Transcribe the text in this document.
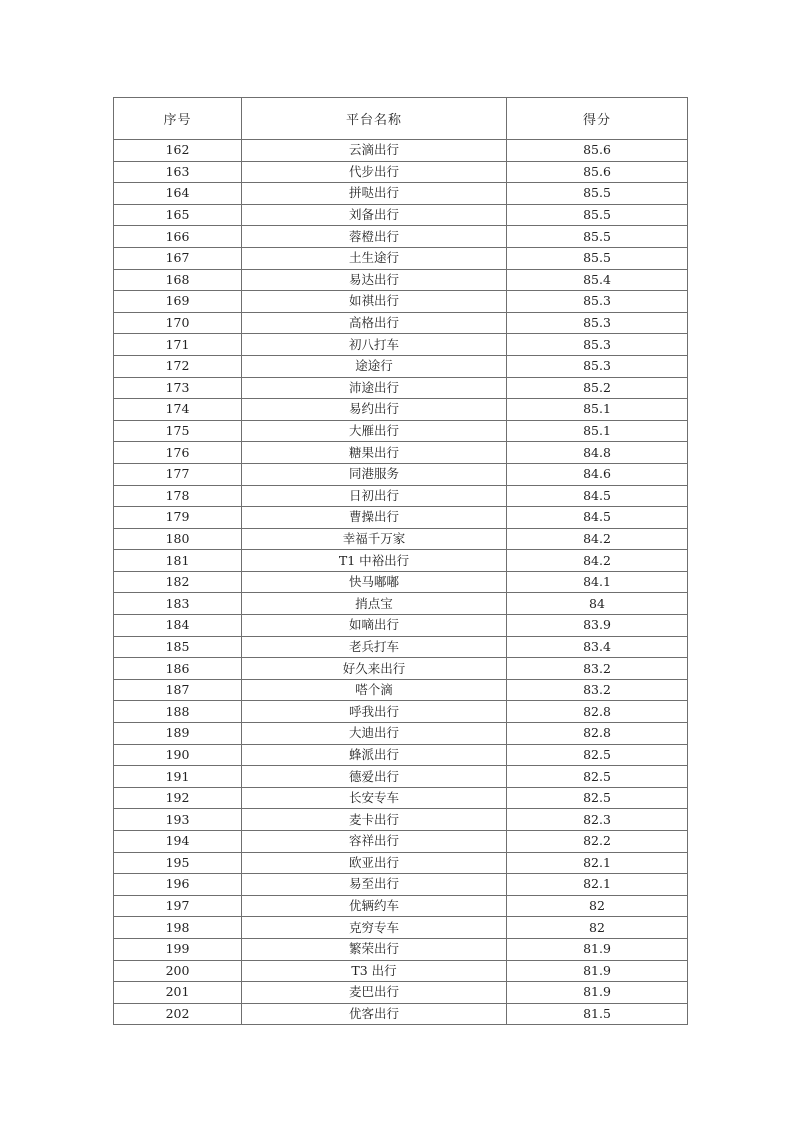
序号	平台名称	得分
162	云滴出行	85.6
163	代步出行	85.6
164	拼哒出行	85.5
165	刘备出行	85.5
166	蓉橙出行	85.5
167	土生途行	85.5
168	易达出行	85.4
169	如祺出行	85.3
170	高格出行	85.3
171	初八打车	85.3
172	途途行	85.3
173	沛途出行	85.2
174	易约出行	85.1
175	大雁出行	85.1
176	糖果出行	84.8
177	同港服务	84.6
178	日初出行	84.5
179	曹操出行	84.5
180	幸福千万家	84.2
181	T1 中裕出行	84.2
182	快马嘟嘟	84.1
183	捎点宝	84
184	如嘀出行	83.9
185	老兵打车	83.4
186	好久来出行	83.2
187	嗒个滴	83.2
188	呼我出行	82.8
189	大迪出行	82.8
190	蜂派出行	82.5
191	德爱出行	82.5
192	长安专车	82.5
193	麦卡出行	82.3
194	容祥出行	82.2
195	欧亚出行	82.1
196	易至出行	82.1
197	优辆约车	82
198	克穷专车	82
199	繁荣出行	81.9
200	T3 出行	81.9
201	麦巴出行	81.9
202	优客出行	81.5
